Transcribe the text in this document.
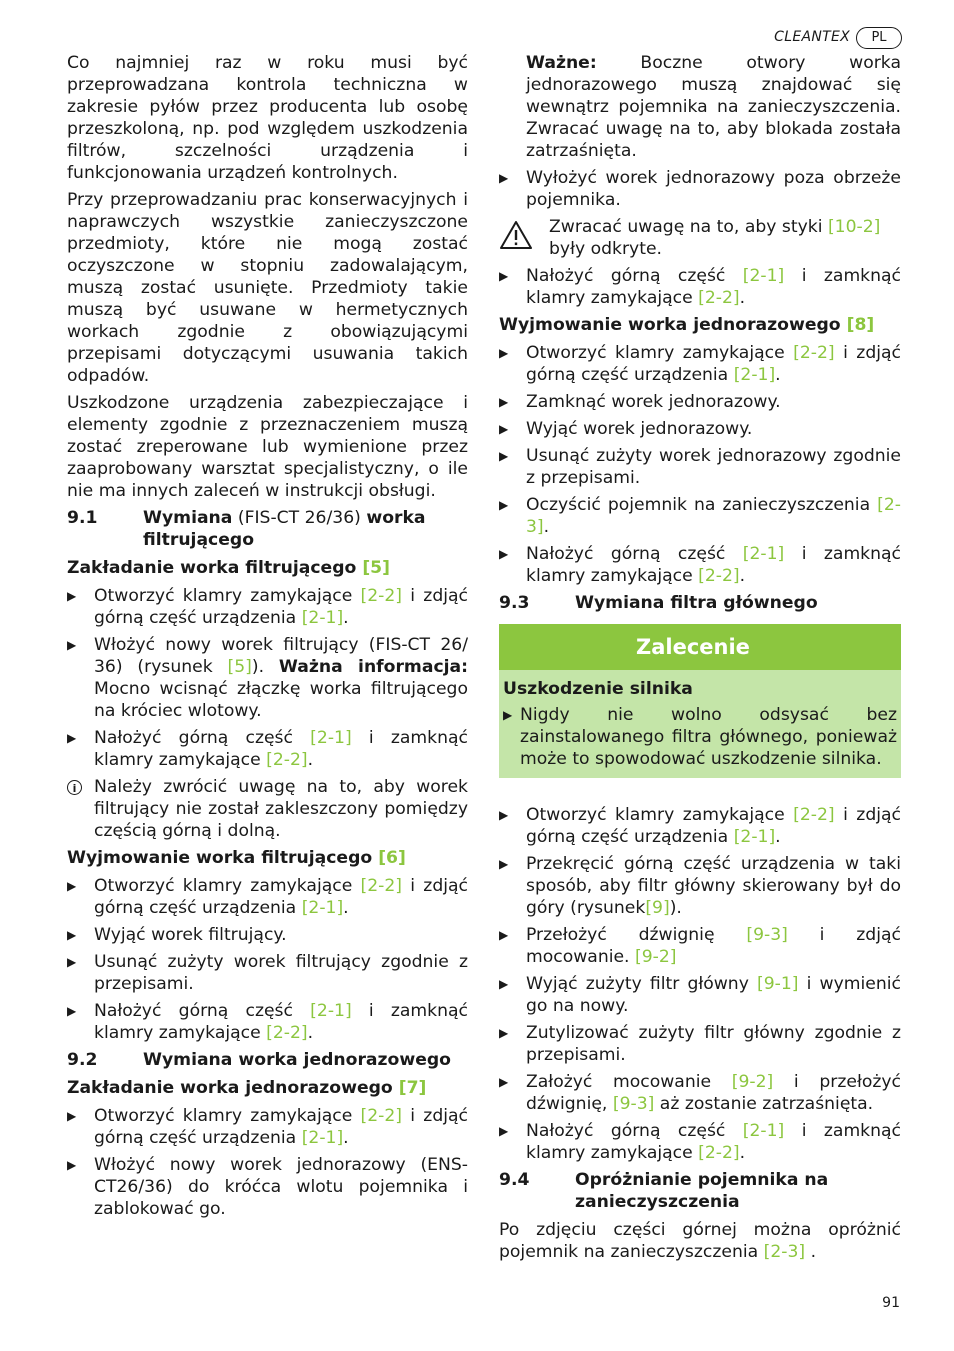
CLEANTEX	PL

Co najmniej raz w roku musi być przeprowadzana kontrola techniczna w zakresie pyłów przez producenta lub osobę przeszkoloną, np. pod względem uszkodzenia filtrów, szczelności urządzenia i funkcjonowania urządzeń kontrolnych.

Przy przeprowadzaniu prac konserwacyjnych i naprawczych wszystkie zanieczyszczone przedmioty, które nie mogą zostać oczyszczone w stopniu zadowalającym, muszą zostać usunięte. Przedmioty takie muszą być usuwane w hermetycznych workach zgodnie z obowiązującymi przepisami dotyczącymi usuwania takich odpadów.

Uszkodzone urządzenia zabezpieczające i elementy zgodnie z przeznaczeniem muszą zostać zreperowane lub wymienione przez zaaprobowany warsztat specjalistyczny, o ile nie ma innych zaleceń w instrukcji obsługi.

9.1	Wymiana (FIS-CT 26/36) worka filtrującego
Zakładanie worka filtrującego [5]
▶	Otworzyć klamry zamykające [2-2] i zdjąć górną część urządzenia [2-1].
▶	Włożyć nowy worek filtrujący (FIS-CT 26/ 36) (rysunek [5]). Ważna informacja: Mocno wcisnąć złączkę worka filtrującego na króciec wlotowy.
▶	Nałożyć górną część [2-1] i zamknąć klamry zamykające [2-2].
i	Należy zwrócić uwagę na to, aby worek filtrujący nie został zakleszczony pomiędzy częścią górną i dolną.
Wyjmowanie worka filtrującego [6]
▶	Otworzyć klamry zamykające [2-2] i zdjąć górną część urządzenia [2-1].
▶	Wyjąć worek filtrujący.
▶	Usunąć zużyty worek filtrujący zgodnie z przepisami.
▶	Nałożyć górną część [2-1] i zamknąć klamry zamykające [2-2].
9.2	Wymiana worka jednorazowego
Zakładanie worka jednorazowego [7]
▶	Otworzyć klamry zamykające [2-2] i zdjąć górną część urządzenia [2-1].
▶	Włożyć nowy worek jednorazowy (ENS-CT26/36) do króćca wlotu pojemnika i zablokować go.
Ważne: Boczne otwory worka jednorazowego muszą znajdować się wewnątrz pojemnika na zanieczyszczenia. Zwracać uwagę na to, aby blokada została zatrzaśnięta.
▶	Wyłożyć worek jednorazowy poza obrzeże pojemnika.
Zwracać uwagę na to, aby styki [10-2] były odkryte.
▶	Nałożyć górną część [2-1] i zamknąć klamry zamykające [2-2].
Wyjmowanie worka jednorazowego [8]
▶	Otworzyć klamry zamykające [2-2] i zdjąć górną część urządzenia [2-1].
▶	Zamknąć worek jednorazowy.
▶	Wyjąć worek jednorazowy.
▶	Usunąć zużyty worek jednorazowy zgodnie z przepisami.
▶	Oczyścić pojemnik na zanieczyszczenia [2-3].
▶	Nałożyć górną część [2-1] i zamknąć klamry zamykające [2-2].
9.3	Wymiana filtra głównego
Zalecenie
Uszkodzenie silnika
▶ Nigdy nie wolno odsysać bez zainstalowanego filtra głównego, ponieważ może to spowodować uszkodzenie silnika.
▶	Otworzyć klamry zamykające [2-2] i zdjąć górną część urządzenia [2-1].
▶	Przekręcić górną część urządzenia w taki sposób, aby filtr główny skierowany był do góry (rysunek[9]).
▶	Przełożyć dźwignię [9-3] i zdjąć mocowanie. [9-2]
▶	Wyjąć zużyty filtr główny [9-1] i wymienić go na nowy.
▶	Zutylizować zużyty filtr główny zgodnie z przepisami.
▶	Założyć mocowanie [9-2] i przełożyć dźwignię, [9-3] aż zostanie zatrzaśnięta.
▶	Nałożyć górną część [2-1] i zamknąć klamry zamykające [2-2].
9.4	Opróżnianie pojemnika na zanieczyszczenia

Po zdjęciu części górnej można opróżnić pojemnik na zanieczyszczenia [2-3] .

91
